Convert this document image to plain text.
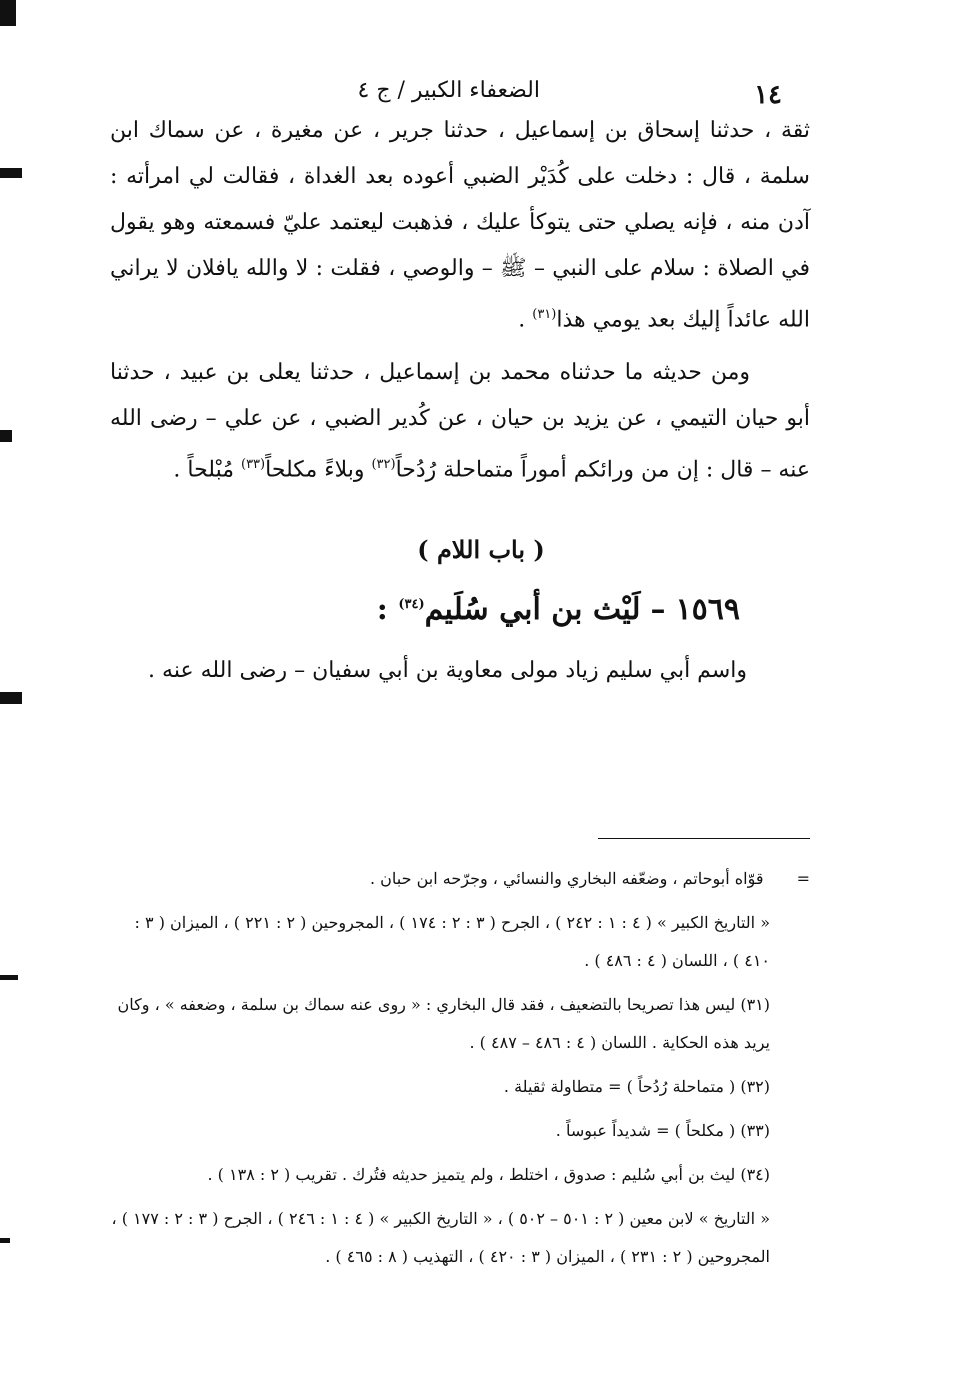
١٤
الضعفاء الكبير / ج ٤
ثقة ، حدثنا إسحاق بن إسماعيل ، حدثنا جرير ، عن مغيرة ، عن سماك ابن سلمة ، قال : دخلت على كُدَيْر الضبي أعوده بعد الغداة ، فقالت لي امرأته : آدن منه ، فإنه يصلي حتى يتوكأ عليك ، فذهبت ليعتمد عليّ فسمعته وهو يقول في الصلاة : سلام على النبي – ﷺ – والوصي ، فقلت : لا والله يافلان لا يراني الله عائداً إليك بعد يومي هذا$^{(٣١)}$ .
ومن حديثه ما حدثناه محمد بن إسماعيل ، حدثنا يعلى بن عبيد ، حدثنا أبو حيان التيمي ، عن يزيد بن حيان ، عن كُدير الضبي ، عن علي – رضى الله عنه – قال : إن من ورائكم أموراً متماحلة رُدُحاً$^{(٣٢)}$ وبلاءً مكلحاً$^{(٣٣)}$ مُبْلحاً .
( باب اللام )
١٥٦٩–لَيْث بن أبي سُلَيم$^{(٣٤)}$ :
واسم أبي سليم زياد مولى معاوية بن أبي سفيان – رضى الله عنه .
= قوّاه أبوحاتم ، وضعّفه البخاري والنسائي ، وجرّحه ابن حبان .
« التاريخ الكبير » ( ٤ : ١ : ٢٤٢ ) ، الجرح ( ٣ : ٢ : ١٧٤ ) ، المجروحين ( ٢ : ٢٢١ ) ، الميزان ( ٣ : ٤١٠ ) ، اللسان ( ٤ : ٤٨٦ ) .
(٣١) ليس هذا تصريحا بالتضعيف ، فقد قال البخاري : « روى عنه سماك بن سلمة ، وضعفه » ، وكان يريد هذه الحكاية . اللسان ( ٤ : ٤٨٦ – ٤٨٧ ) .
(٣٢) ( متماحلة رُدُحاً ) = متطاولة ثقيلة .
(٣٣) ( مكلحاً ) = شديداً عبوساً .
(٣٤) ليث بن أبي سُليم : صدوق ، اختلط ، ولم يتميز حديثه فتُرك . تقريب ( ٢ : ١٣٨ ) .
« التاريخ » لابن معين ( ٢ : ٥٠١ – ٥٠٢ ) ، « التاريخ الكبير » ( ٤ : ١ : ٢٤٦ ) ، الجرح ( ٣ : ٢ : ١٧٧ ) ، المجروحين ( ٢ : ٢٣١ ) ، الميزان ( ٣ : ٤٢٠ ) ، التهذيب ( ٨ : ٤٦٥ ) .
